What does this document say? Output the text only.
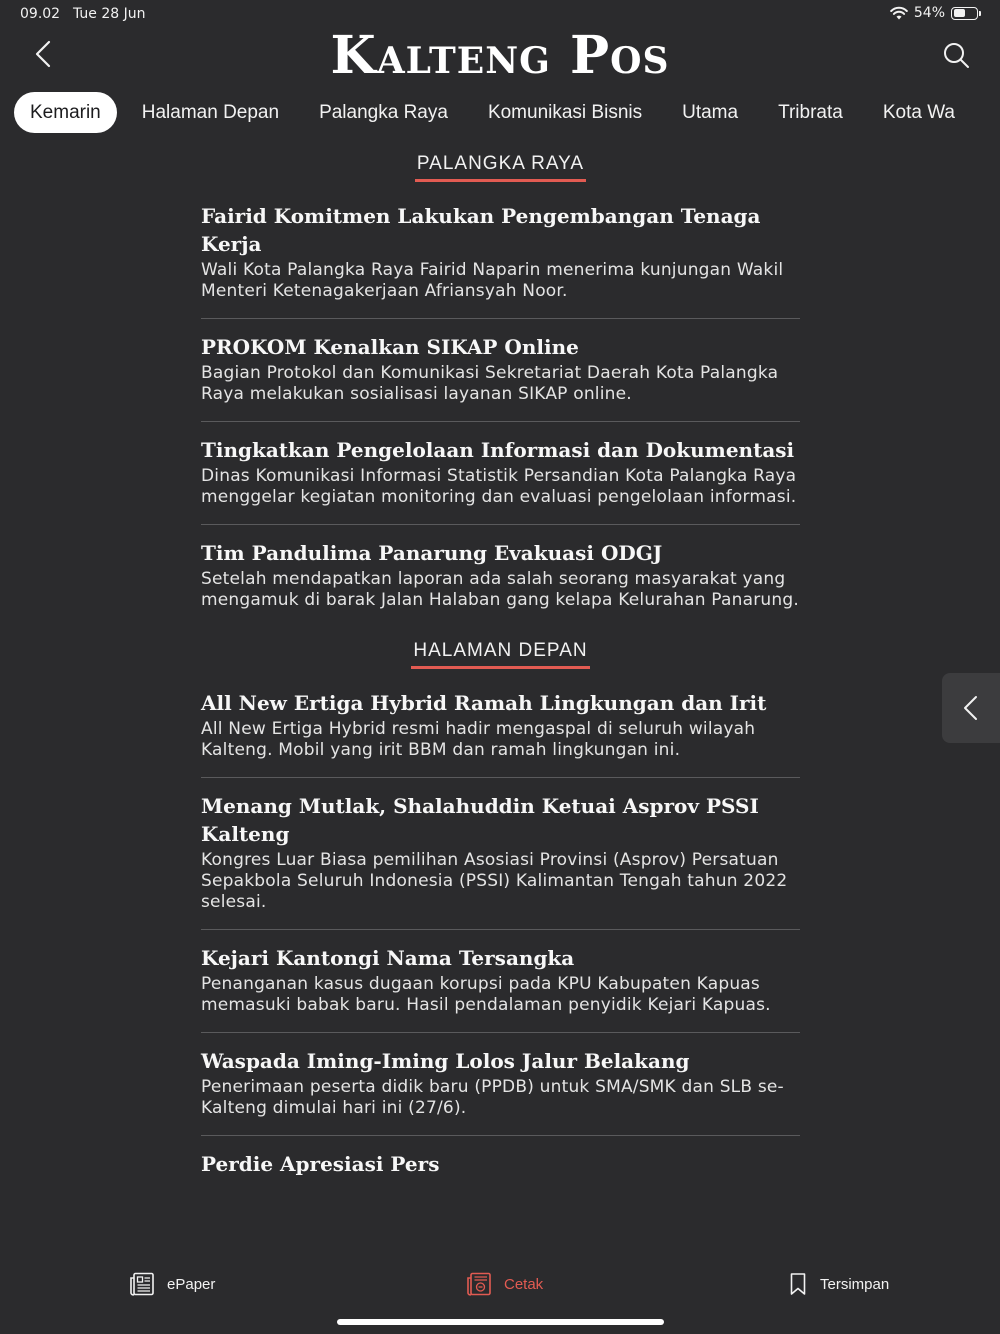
09.02 Tue 28 Jun	54%
Kalteng Pos
Kemarin	Halaman Depan	Palangka Raya	Komunikasi Bisnis	Utama	Tribrata	Kota Wa
PALANGKA RAYA
Fairid Komitmen Lakukan Pengembangan Tenaga Kerja
Wali Kota Palangka Raya Fairid Naparin menerima kunjungan Wakil Menteri Ketenagakerjaan Afriansyah Noor.
PROKOM Kenalkan SIKAP Online
Bagian Protokol dan Komunikasi Sekretariat Daerah Kota Palangka Raya melakukan sosialisasi layanan SIKAP online.
Tingkatkan Pengelolaan Informasi dan Dokumentasi
Dinas Komunikasi Informasi Statistik Persandian Kota Palangka Raya menggelar kegiatan monitoring dan evaluasi pengelolaan informasi.
Tim Pandulima Panarung Evakuasi ODGJ
Setelah mendapatkan laporan ada salah seorang masyarakat yang mengamuk di barak Jalan Halaban gang kelapa Kelurahan Panarung.
HALAMAN DEPAN
All New Ertiga Hybrid Ramah Lingkungan dan Irit
All New Ertiga Hybrid resmi hadir mengaspal di seluruh wilayah Kalteng. Mobil yang irit BBM dan ramah lingkungan ini.
Menang Mutlak, Shalahuddin Ketuai Asprov PSSI Kalteng
Kongres Luar Biasa pemilihan Asosiasi Provinsi (Asprov) Persatuan Sepakbola Seluruh Indonesia (PSSI) Kalimantan Tengah tahun 2022 selesai.
Kejari Kantongi Nama Tersangka
Penanganan kasus dugaan korupsi pada KPU Kabupaten Kapuas memasuki babak baru. Hasil pendalaman penyidik Kejari Kapuas.
Waspada Iming-Iming Lolos Jalur Belakang
Penerimaan peserta didik baru (PPDB) untuk SMA/SMK dan SLB se-Kalteng dimulai hari ini (27/6).
Perdie Apresiasi Pers
ePaper	Cetak	Tersimpan
